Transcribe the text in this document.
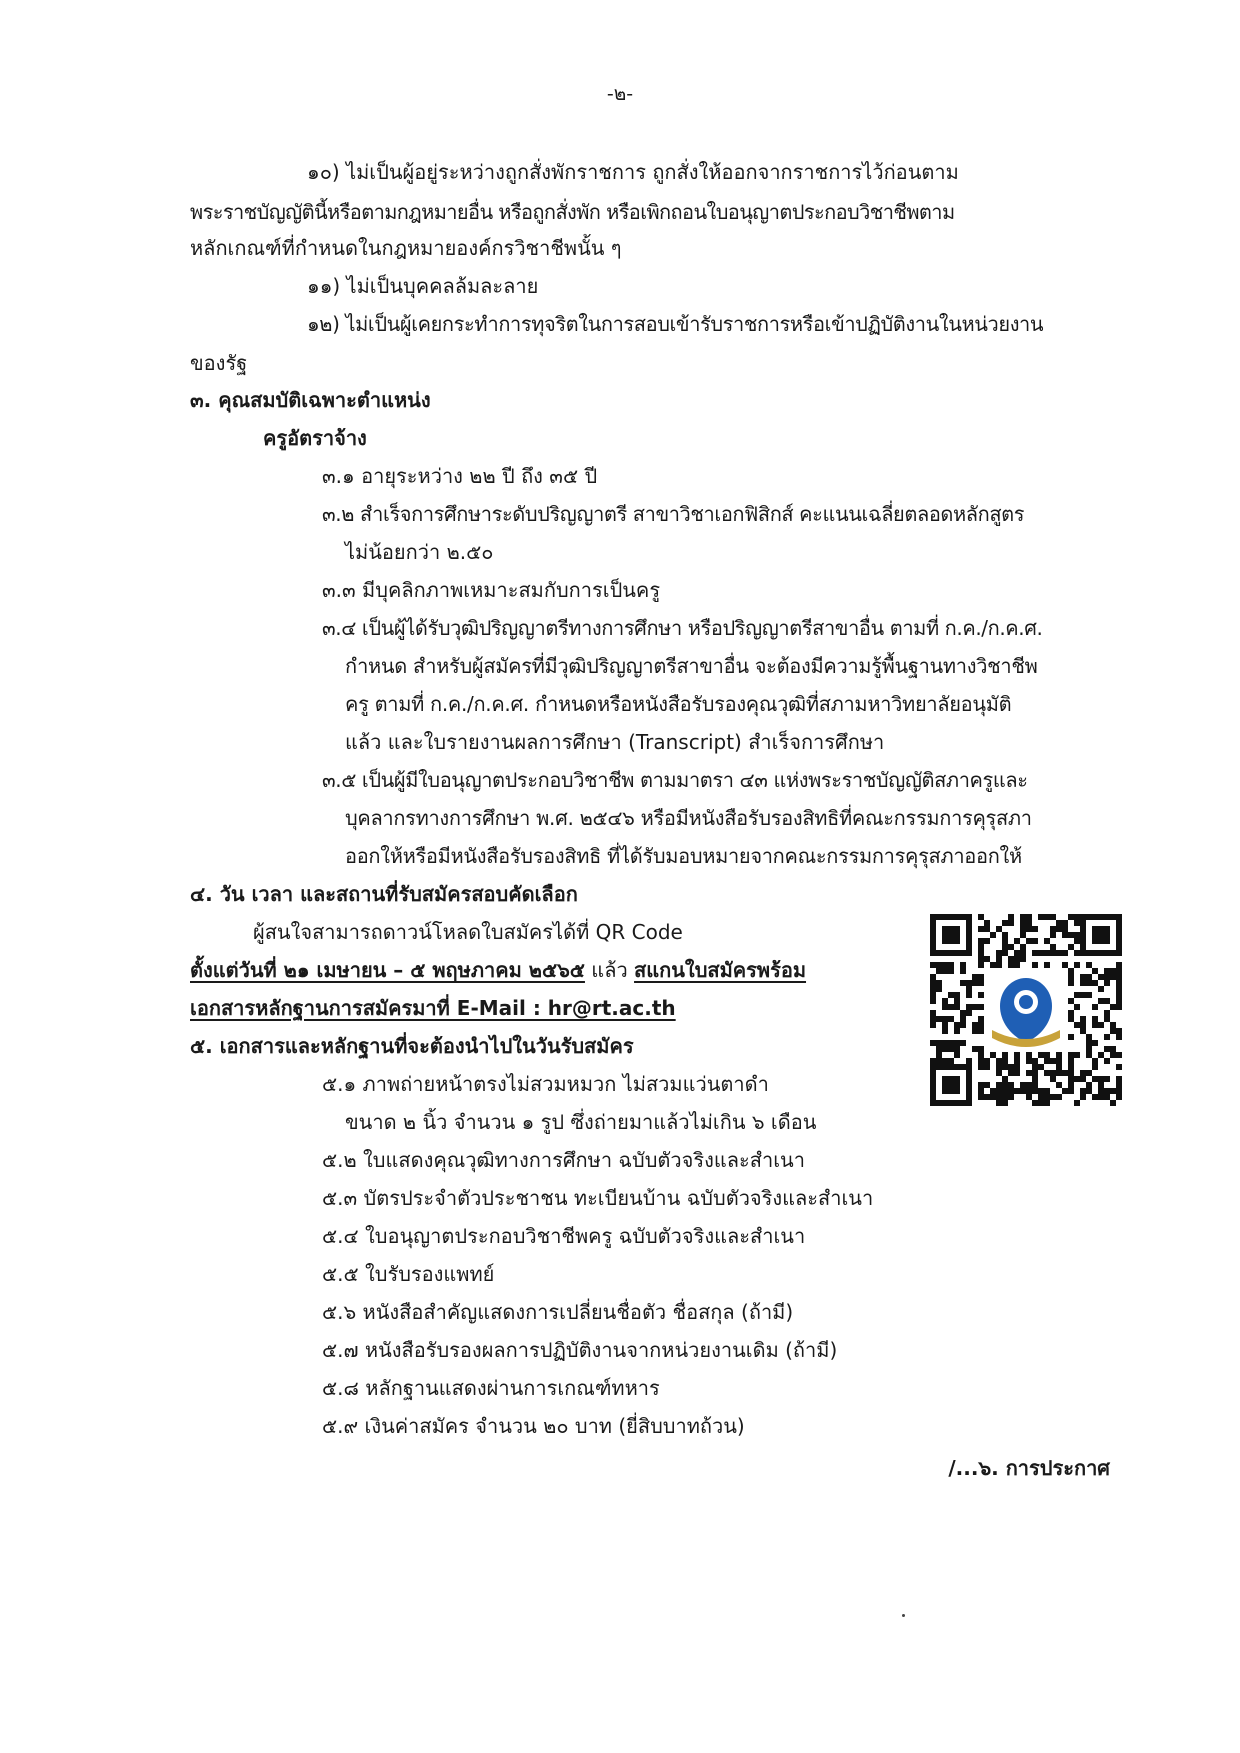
-๒-
๑๐) ไม่เป็นผู้อยู่ระหว่างถูกสั่งพักราชการ ถูกสั่งให้ออกจากราชการไว้ก่อนตาม
พระราชบัญญัตินี้หรือตามกฎหมายอื่น หรือถูกสั่งพัก หรือเพิกถอนใบอนุญาตประกอบวิชาชีพตาม
หลักเกณฑ์ที่กำหนดในกฎหมายองค์กรวิชาชีพนั้น ๆ
๑๑) ไม่เป็นบุคคลล้มละลาย
๑๒) ไม่เป็นผู้เคยกระทำการทุจริตในการสอบเข้ารับราชการหรือเข้าปฏิบัติงานในหน่วยงาน
ของรัฐ
๓. คุณสมบัติเฉพาะตำแหน่ง
ครูอัตราจ้าง
๓.๑ อายุระหว่าง ๒๒ ปี ถึง ๓๕ ปี
๓.๒ สำเร็จการศึกษาระดับปริญญาตรี สาขาวิชาเอกฟิสิกส์ คะแนนเฉลี่ยตลอดหลักสูตร
ไม่น้อยกว่า ๒.๕๐
๓.๓ มีบุคลิกภาพเหมาะสมกับการเป็นครู
๓.๔ เป็นผู้ได้รับวุฒิปริญญาตรีทางการศึกษา หรือปริญญาตรีสาขาอื่น ตามที่ ก.ค./ก.ค.ศ.
กำหนด สำหรับผู้สมัครที่มีวุฒิปริญญาตรีสาขาอื่น จะต้องมีความรู้พื้นฐานทางวิชาชีพ
ครู ตามที่ ก.ค./ก.ค.ศ. กำหนดหรือหนังสือรับรองคุณวุฒิที่สภามหาวิทยาลัยอนุมัติ
แล้ว และใบรายงานผลการศึกษา (Transcript) สำเร็จการศึกษา
๓.๕ เป็นผู้มีใบอนุญาตประกอบวิชาชีพ ตามมาตรา ๔๓ แห่งพระราชบัญญัติสภาครูและ
บุคลากรทางการศึกษา พ.ศ. ๒๕๔๖ หรือมีหนังสือรับรองสิทธิที่คณะกรรมการคุรุสภา
ออกให้หรือมีหนังสือรับรองสิทธิ ที่ได้รับมอบหมายจากคณะกรรมการคุรุสภาออกให้
๔. วัน เวลา และสถานที่รับสมัครสอบคัดเลือก
ผู้สนใจสามารถดาวน์โหลดใบสมัครได้ที่ QR Code
ตั้งแต่วันที่ ๒๑ เมษายน – ๕ พฤษภาคม ๒๕๖๕ แล้ว สแกนใบสมัครพร้อม
เอกสารหลักฐานการสมัครมาที่ E-Mail : hr@rt.ac.th
๕. เอกสารและหลักฐานที่จะต้องนำไปในวันรับสมัคร
๕.๑ ภาพถ่ายหน้าตรงไม่สวมหมวก ไม่สวมแว่นตาดำ
ขนาด ๒ นิ้ว จำนวน ๑ รูป ซึ่งถ่ายมาแล้วไม่เกิน ๖ เดือน
๕.๒ ใบแสดงคุณวุฒิทางการศึกษา ฉบับตัวจริงและสำเนา
๕.๓ บัตรประจำตัวประชาชน ทะเบียนบ้าน ฉบับตัวจริงและสำเนา
๕.๔ ใบอนุญาตประกอบวิชาชีพครู ฉบับตัวจริงและสำเนา
๕.๕ ใบรับรองแพทย์
๕.๖ หนังสือสำคัญแสดงการเปลี่ยนชื่อตัว ชื่อสกุล (ถ้ามี)
๕.๗ หนังสือรับรองผลการปฏิบัติงานจากหน่วยงานเดิม (ถ้ามี)
๕.๘ หลักฐานแสดงผ่านการเกณฑ์ทหาร
๕.๙ เงินค่าสมัคร จำนวน ๒๐ บาท (ยี่สิบบาทถ้วน)
/...๖. การประกาศ
